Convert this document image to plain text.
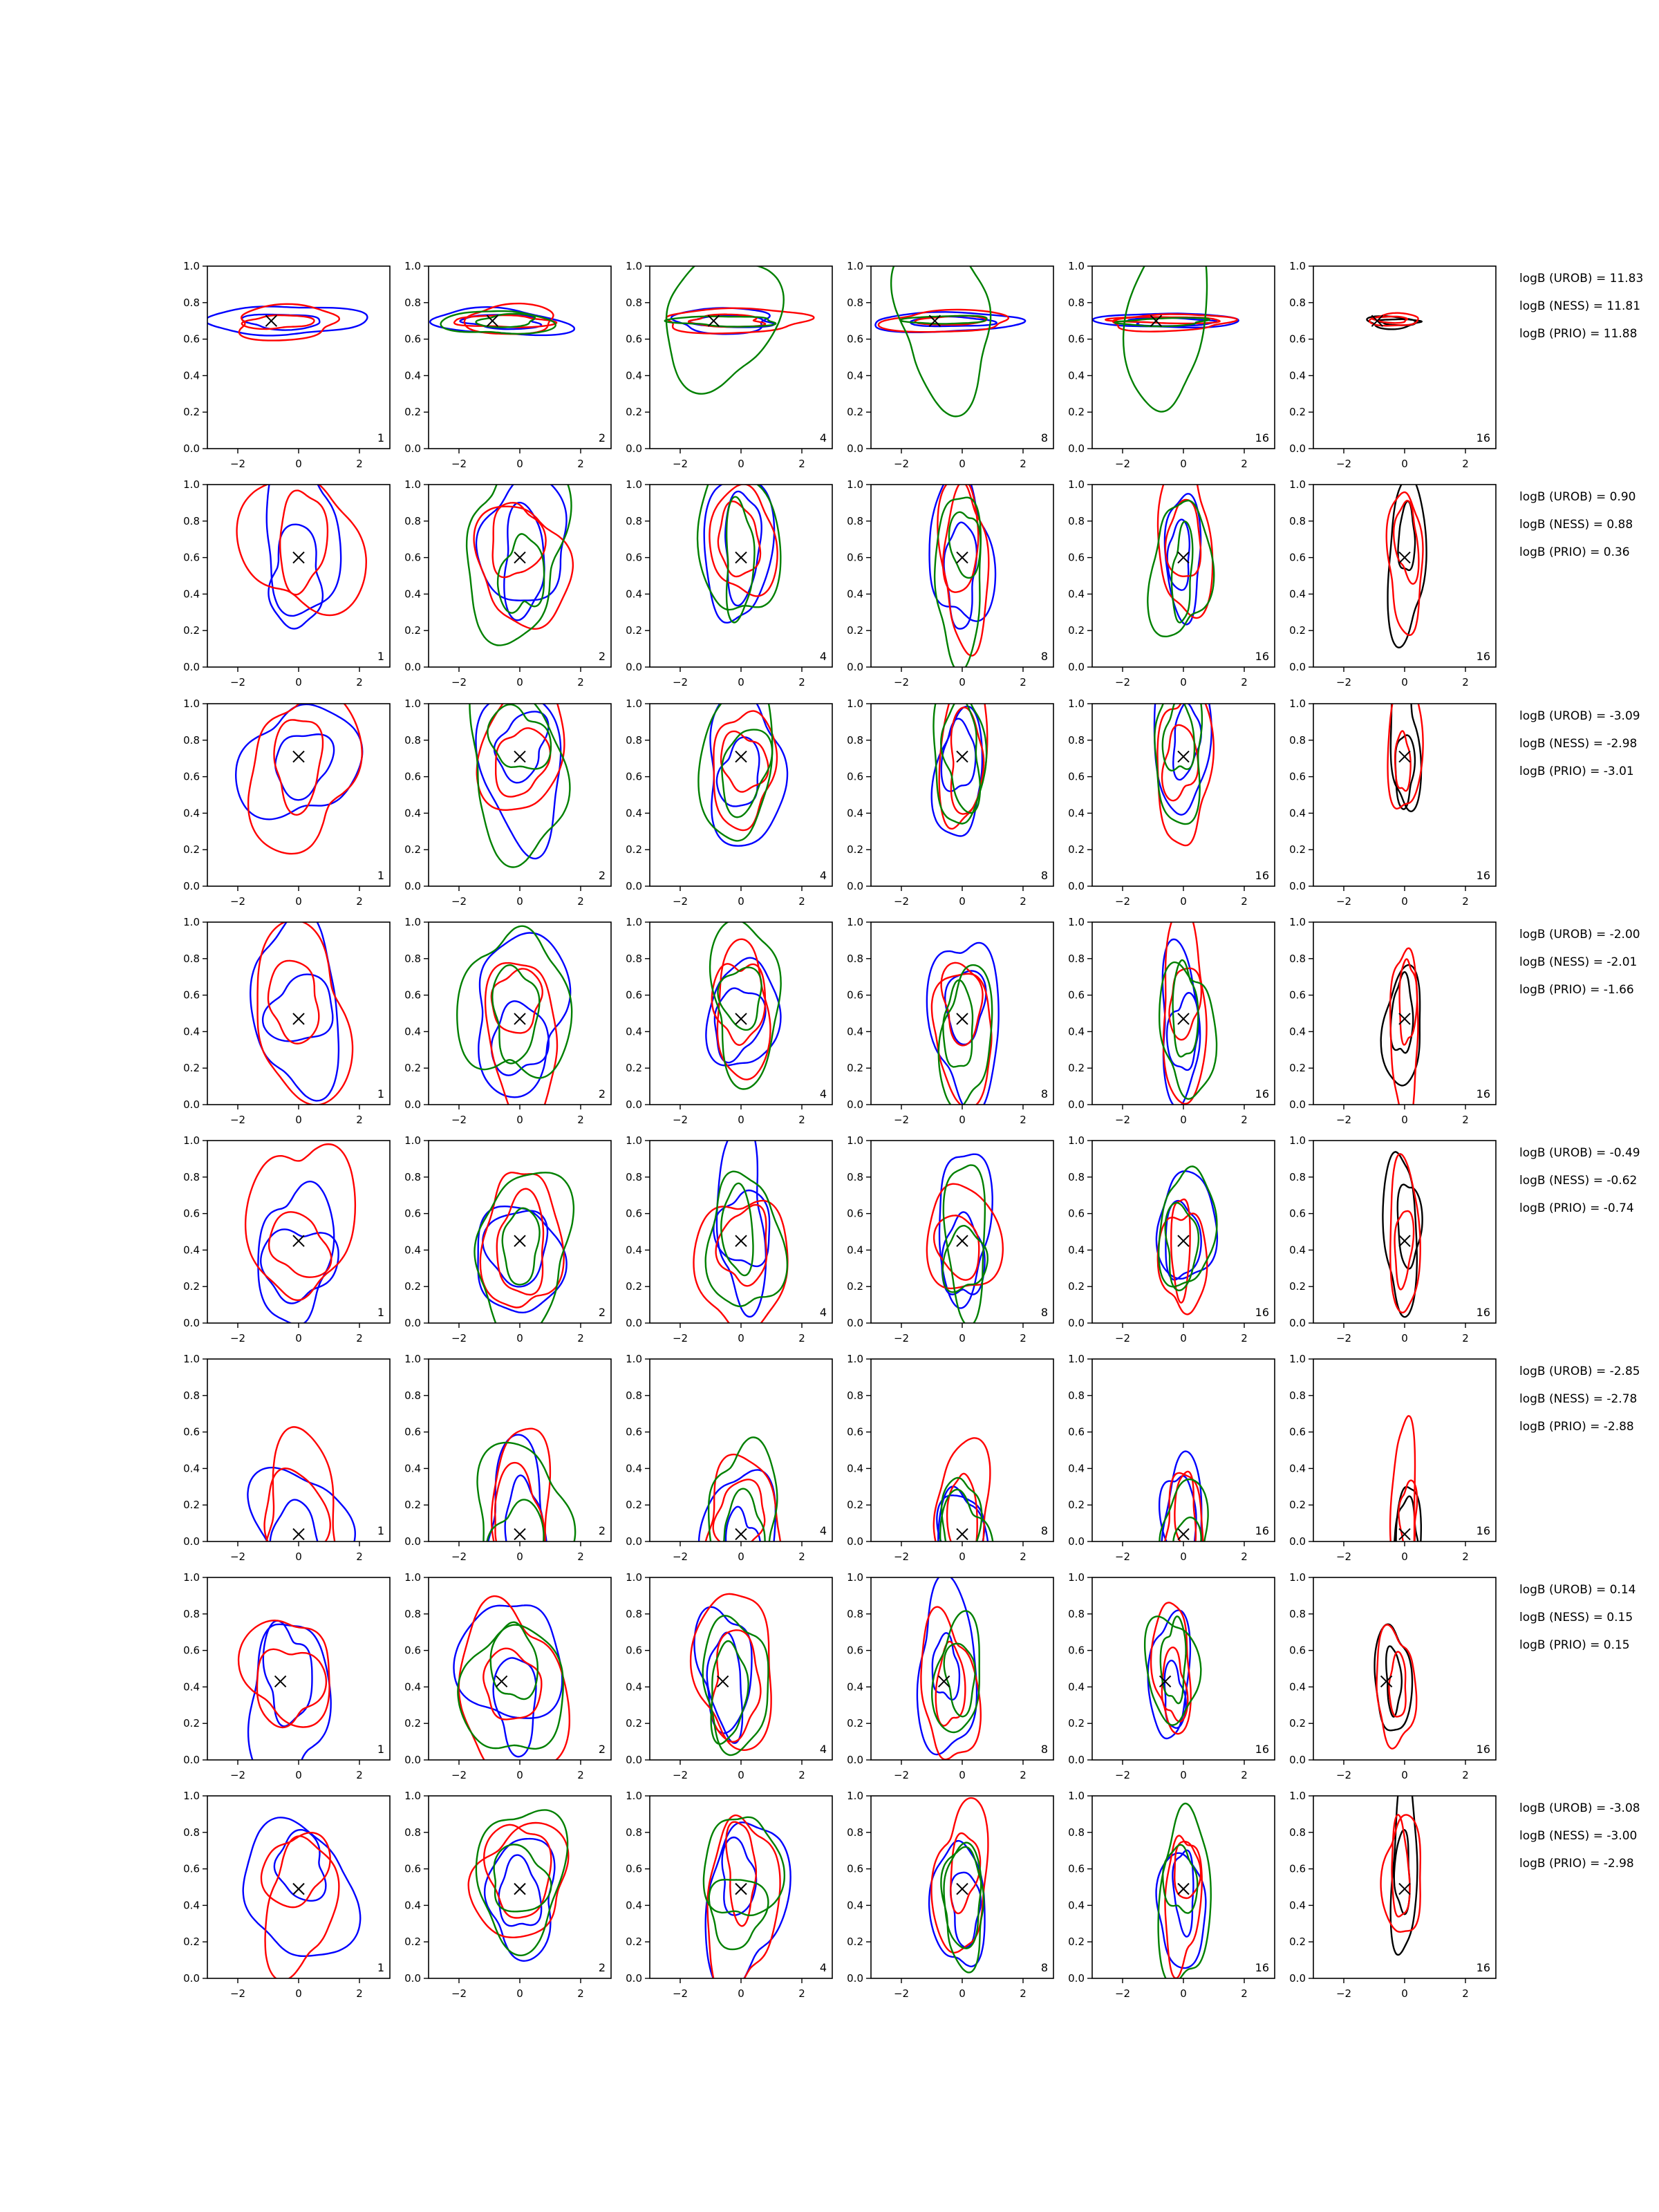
−2	0	2
0.0
0.2
0.4
0.6
0.8
1.0
1
−2	0	2
0.0
0.2
0.4
0.6
0.8
1.0
2
−2	0	2
0.0
0.2
0.4
0.6
0.8
1.0
4
−2	0	2
0.0
0.2
0.4
0.6
0.8
1.0
8
−2	0	2
0.0
0.2
0.4
0.6
0.8
1.0
16
−2	0	2
0.0
0.2
0.4
0.6
0.8
1.0
16
logB (UROB) = 11.83
logB (NESS) = 11.81
logB (PRIO) = 11.88
−2	0	2
0.0
0.2
0.4
0.6
0.8
1.0
1
−2	0	2
0.0
0.2
0.4
0.6
0.8
1.0
2
−2	0	2
0.0
0.2
0.4
0.6
0.8
1.0
4
−2	0	2
0.0
0.2
0.4
0.6
0.8
1.0
8
−2	0	2
0.0
0.2
0.4
0.6
0.8
1.0
16
−2	0	2
0.0
0.2
0.4
0.6
0.8
1.0
16
logB (UROB) = 0.90
logB (NESS) = 0.88
logB (PRIO) = 0.36
−2	0	2
0.0
0.2
0.4
0.6
0.8
1.0
1
−2	0	2
0.0
0.2
0.4
0.6
0.8
1.0
2
−2	0	2
0.0
0.2
0.4
0.6
0.8
1.0
4
−2	0	2
0.0
0.2
0.4
0.6
0.8
1.0
8
−2	0	2
0.0
0.2
0.4
0.6
0.8
1.0
16
−2	0	2
0.0
0.2
0.4
0.6
0.8
1.0
16
logB (UROB) = -3.09
logB (NESS) = -2.98
logB (PRIO) = -3.01
−2	0	2
0.0
0.2
0.4
0.6
0.8
1.0
1
−2	0	2
0.0
0.2
0.4
0.6
0.8
1.0
2
−2	0	2
0.0
0.2
0.4
0.6
0.8
1.0
4
−2	0	2
0.0
0.2
0.4
0.6
0.8
1.0
8
−2	0	2
0.0
0.2
0.4
0.6
0.8
1.0
16
−2	0	2
0.0
0.2
0.4
0.6
0.8
1.0
16
logB (UROB) = -2.00
logB (NESS) = -2.01
logB (PRIO) = -1.66
−2	0	2
0.0
0.2
0.4
0.6
0.8
1.0
1
−2	0	2
0.0
0.2
0.4
0.6
0.8
1.0
2
−2	0	2
0.0
0.2
0.4
0.6
0.8
1.0
4
−2	0	2
0.0
0.2
0.4
0.6
0.8
1.0
8
−2	0	2
0.0
0.2
0.4
0.6
0.8
1.0
16
−2	0	2
0.0
0.2
0.4
0.6
0.8
1.0
16
logB (UROB) = -0.49
logB (NESS) = -0.62
logB (PRIO) = -0.74
−2	0	2
0.0
0.2
0.4
0.6
0.8
1.0
1
−2	0	2
0.0
0.2
0.4
0.6
0.8
1.0
2
−2	0	2
0.0
0.2
0.4
0.6
0.8
1.0
4
−2	0	2
0.0
0.2
0.4
0.6
0.8
1.0
8
−2	0	2
0.0
0.2
0.4
0.6
0.8
1.0
16
−2	0	2
0.0
0.2
0.4
0.6
0.8
1.0
16
logB (UROB) = -2.85
logB (NESS) = -2.78
logB (PRIO) = -2.88
−2	0	2
0.0
0.2
0.4
0.6
0.8
1.0
1
−2	0	2
0.0
0.2
0.4
0.6
0.8
1.0
2
−2	0	2
0.0
0.2
0.4
0.6
0.8
1.0
4
−2	0	2
0.0
0.2
0.4
0.6
0.8
1.0
8
−2	0	2
0.0
0.2
0.4
0.6
0.8
1.0
16
−2	0	2
0.0
0.2
0.4
0.6
0.8
1.0
16
logB (UROB) = 0.14
logB (NESS) = 0.15
logB (PRIO) = 0.15
−2	0	2
0.0
0.2
0.4
0.6
0.8
1.0
1
−2	0	2
0.0
0.2
0.4
0.6
0.8
1.0
2
−2	0	2
0.0
0.2
0.4
0.6
0.8
1.0
4
−2	0	2
0.0
0.2
0.4
0.6
0.8
1.0
8
−2	0	2
0.0
0.2
0.4
0.6
0.8
1.0
16
−2	0	2
0.0
0.2
0.4
0.6
0.8
1.0
16
logB (UROB) = -3.08
logB (NESS) = -3.00
logB (PRIO) = -2.98
